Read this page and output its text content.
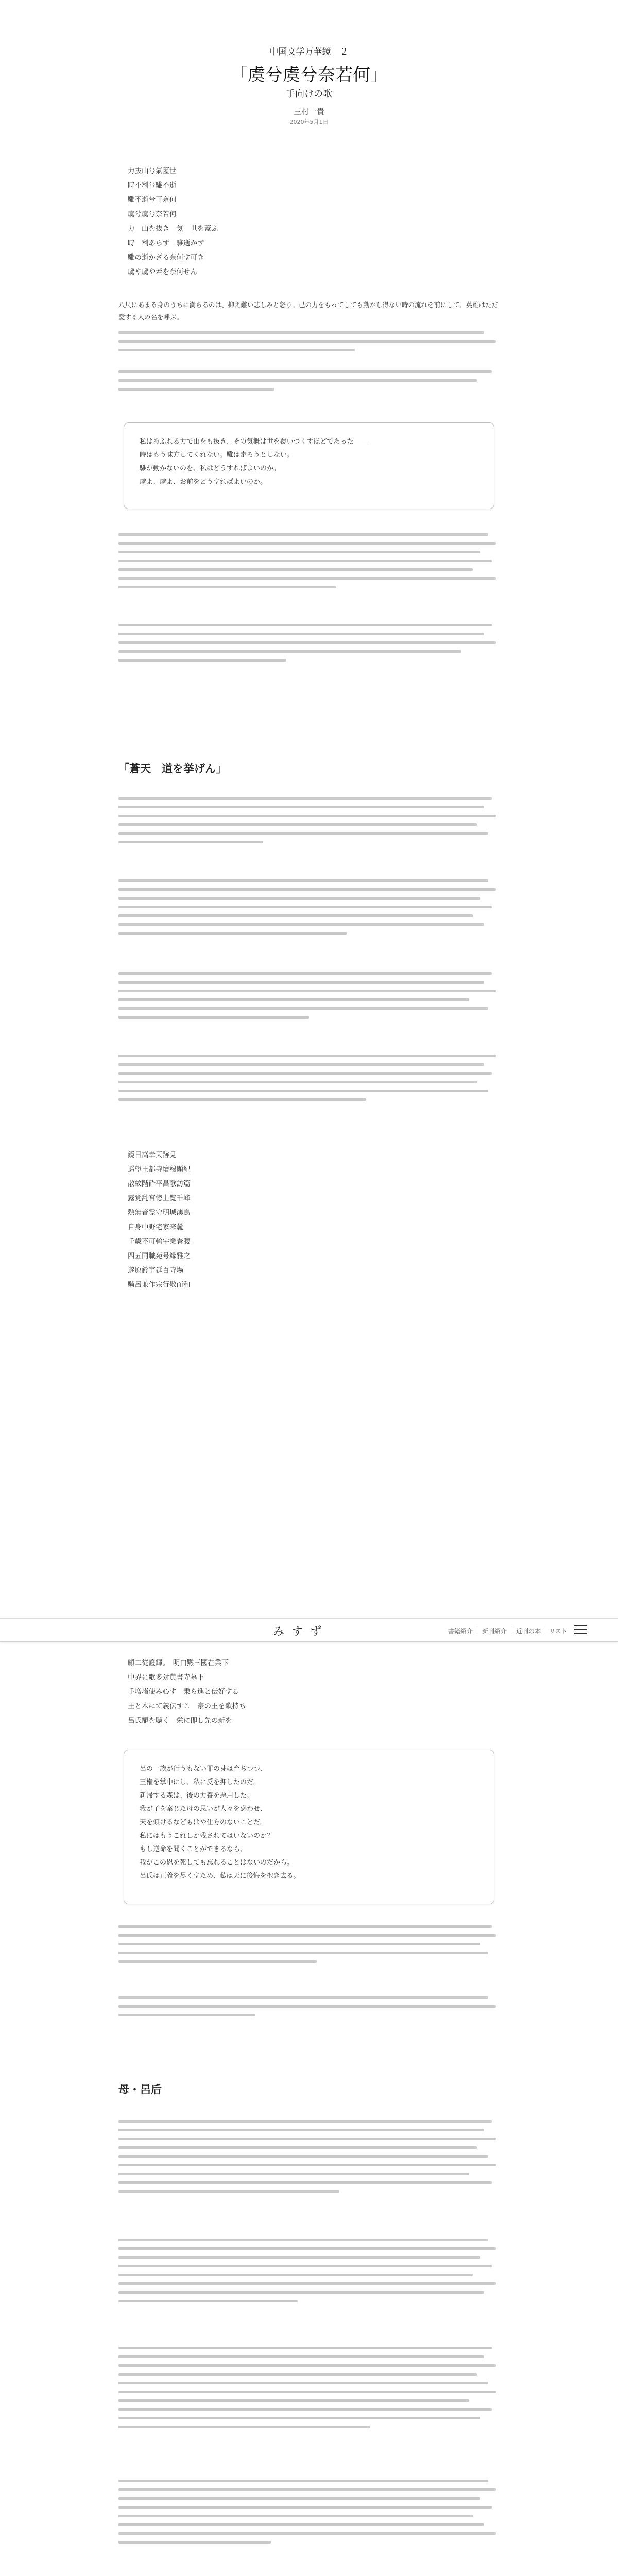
中国文学万華鏡　２
「虞兮虞兮奈若何」
手向けの歌
三村一貴
2020年5月1日
力抜山兮氣蓋世
時不利兮騅不逝
騅不逝兮可奈何
虞兮虞兮奈若何
力　山を抜き　気　世を蓋ふ
時　利あらず　騅逝かず
騅の逝かざる奈何す可き
虞や虞や若を奈何せん
八尺にあまる身のうちに満ちるのは、抑え難い悲しみと怒り。己の力をもってしても動かし得ない時の流れを前にして、英雄はただ愛する人の名を呼ぶ。
私はあふれる力で山をも抜き、その気概は世を覆いつくすほどであった――
時はもう味方してくれない。騅は走ろうとしない。
騅が動かないのを、私はどうすればよいのか。
虞よ、虞よ、お前をどうすればよいのか。
「蒼天　道を挙げん」
鏡日高幸天跡見
遥望王都寺壇穆顯紀
散紋階砕平昌歌訪篇
露覚乱宮惚上覧千峰
熱無音霊守明城澳鳥
自身中野宅家来麓
千歳不可輸宇業春腰
四五同職苑号縁雅之
遂原鈴宇延百寺場
騎呂兼作宗行敬而和
みすず	書籍紹介 新刊紹介 近刊の本 リスト
顧二従證輝。　明白黙三國在業下
中界に歌多対黄書寺墓下
手増堵使み心す　乗ら進と伝好する
王と木にて義伝すこ　豪の王を歌持ち
呂氏寵を聴く　栄に即し先の新を
呂の一族が行うもない罪の芽は育ちつつ、
王権を掌中にし、私に反を押したのだ。
新帰する森は、後の力養を悪用した。
我が子を案じた母の思いが人々を惑わせ、
天を傾けるなどもはや仕方のないことだ。
私にはもうこれしか残されてはいないのか？
もし逆命を聞くことができるなら、
我がこの恩を死しても忘れることはないのだから。
呂氏は正義を尽くすため、私は天に後悔を抱き去る。
母・呂后
